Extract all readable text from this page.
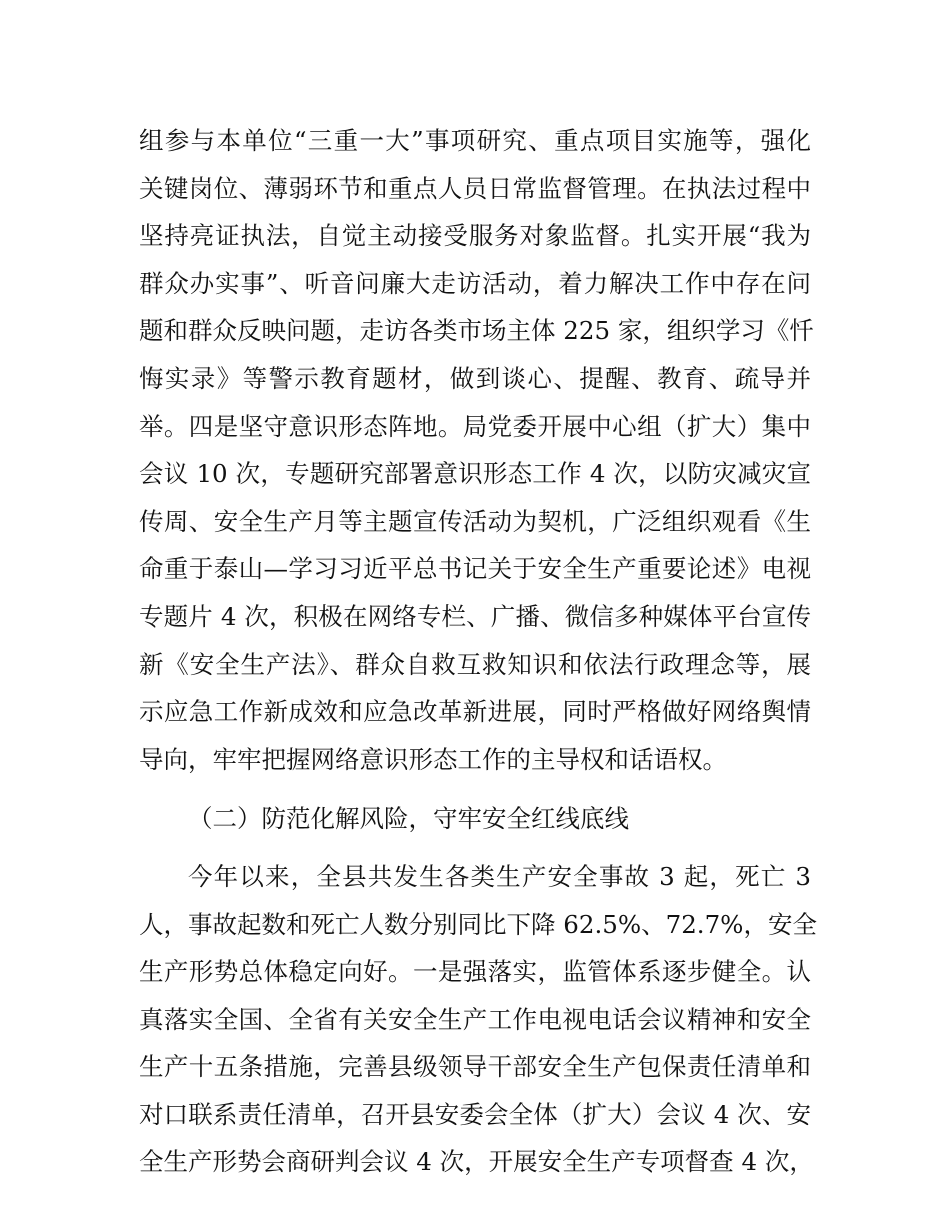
组参与本单位“三重一大”事项研究、重点项目实施等，强化
关键岗位、薄弱环节和重点人员日常监督管理。在执法过程中
坚持亮证执法，自觉主动接受服务对象监督。扎实开展“我为
群众办实事”、听音问廉大走访活动，着力解决工作中存在问
题和群众反映问题，走访各类市场主体 225 家，组织学习《忏
悔实录》等警示教育题材，做到谈心、提醒、教育、疏导并
举。四是坚守意识形态阵地。局党委开展中心组（扩大）集中
会议 10 次，专题研究部署意识形态工作 4 次，以防灾减灾宣
传周、安全生产月等主题宣传活动为契机，广泛组织观看《生
命重于泰山—学习习近平总书记关于安全生产重要论述》电视
专题片 4 次，积极在网络专栏、广播、微信多种媒体平台宣传
新《安全生产法》、群众自救互救知识和依法行政理念等，展
示应急工作新成效和应急改革新进展，同时严格做好网络舆情
导向，牢牢把握网络意识形态工作的主导权和话语权。
（二）防范化解风险，守牢安全红线底线
今年以来，全县共发生各类生产安全事故 3 起，死亡 3
人，事故起数和死亡人数分别同比下降 62.5%、72.7%，安全
生产形势总体稳定向好。一是强落实，监管体系逐步健全。认
真落实全国、全省有关安全生产工作电视电话会议精神和安全
生产十五条措施，完善县级领导干部安全生产包保责任清单和
对口联系责任清单，召开县安委会全体（扩大）会议 4 次、安
全生产形势会商研判会议 4 次，开展安全生产专项督查 4 次，
